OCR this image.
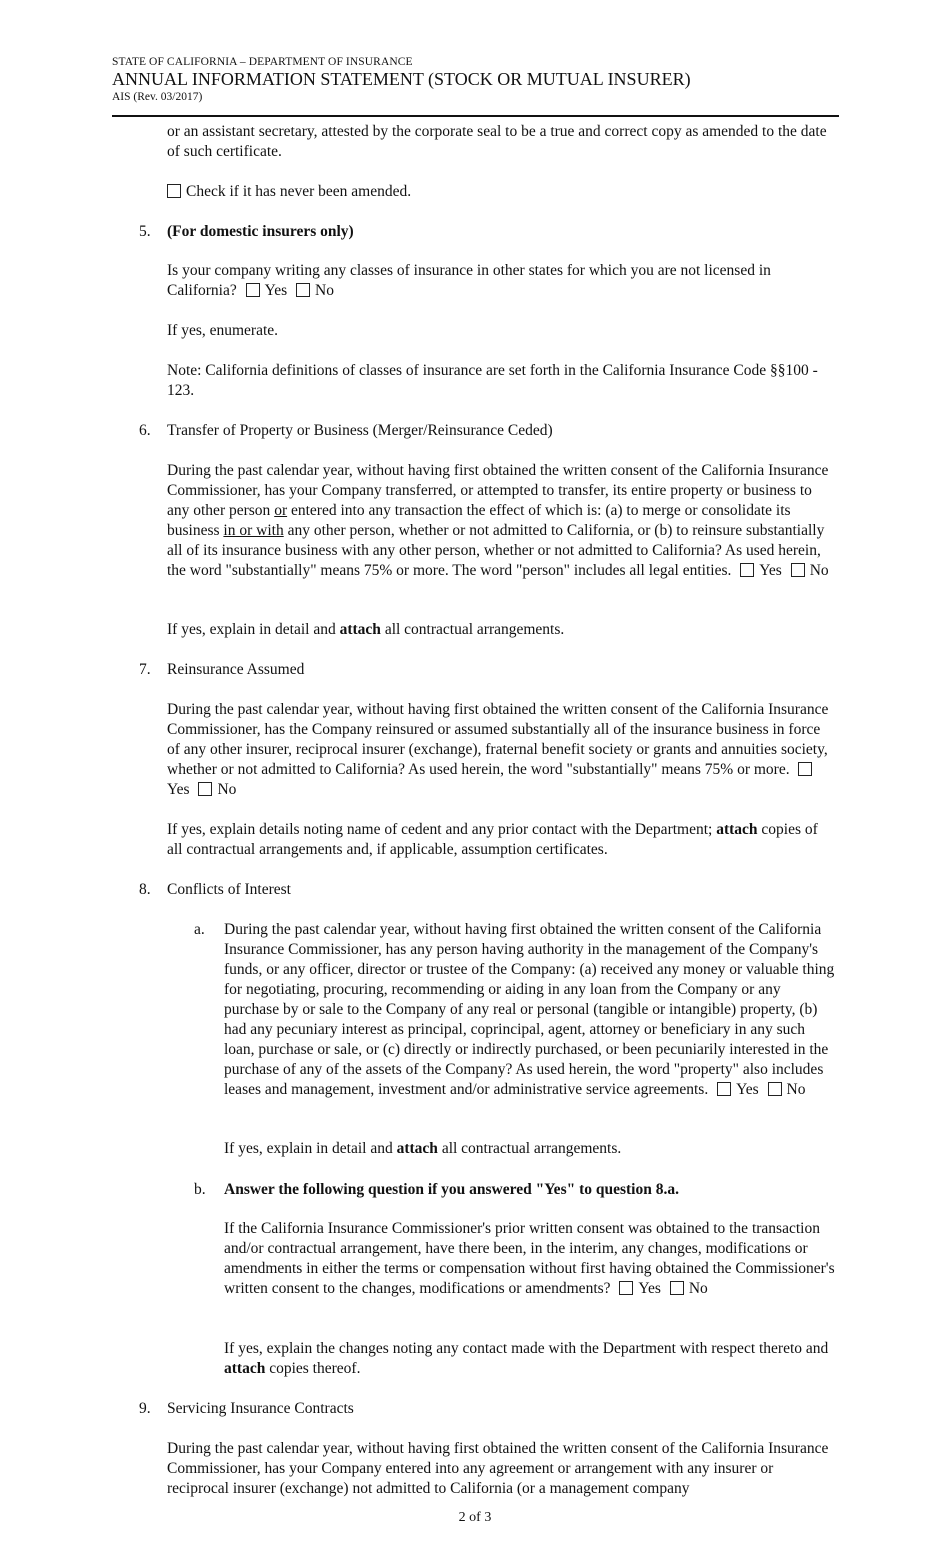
STATE OF CALIFORNIA – DEPARTMENT OF INSURANCE
ANNUAL INFORMATION STATEMENT (STOCK OR MUTUAL INSURER)
AIS (Rev. 03/2017)

or an assistant secretary, attested by the corporate seal to be a true and correct copy as amended to the date of such certificate.

Check if it has never been amended.

5. (For domestic insurers only)

Is your company writing any classes of insurance in other states for which you are not licensed in California? Yes No

If yes, enumerate.

Note: California definitions of classes of insurance are set forth in the California Insurance Code §§100 - 123.

6. Transfer of Property or Business (Merger/Reinsurance Ceded)

During the past calendar year, without having first obtained the written consent of the California Insurance Commissioner, has your Company transferred, or attempted to transfer, its entire property or business to any other person or entered into any transaction the effect of which is: (a) to merge or consolidate its business in or with any other person, whether or not admitted to California, or (b) to reinsure substantially all of its insurance business with any other person, whether or not admitted to California? As used herein, the word "substantially" means 75% or more. The word "person" includes all legal entities. Yes No

If yes, explain in detail and attach all contractual arrangements.

7. Reinsurance Assumed

During the past calendar year, without having first obtained the written consent of the California Insurance Commissioner, has the Company reinsured or assumed substantially all of the insurance business in force of any other insurer, reciprocal insurer (exchange), fraternal benefit society or grants and annuities society, whether or not admitted to California? As used herein, the word "substantially" means 75% or more. Yes No

If yes, explain details noting name of cedent and any prior contact with the Department; attach copies of all contractual arrangements and, if applicable, assumption certificates.

8. Conflicts of Interest

a. During the past calendar year, without having first obtained the written consent of the California Insurance Commissioner, has any person having authority in the management of the Company's funds, or any officer, director or trustee of the Company: (a) received any money or valuable thing for negotiating, procuring, recommending or aiding in any loan from the Company or any purchase by or sale to the Company of any real or personal (tangible or intangible) property, (b) had any pecuniary interest as principal, coprincipal, agent, attorney or beneficiary in any such loan, purchase or sale, or (c) directly or indirectly purchased, or been pecuniarily interested in the purchase of any of the assets of the Company? As used herein, the word "property" also includes leases and management, investment and/or administrative service agreements. Yes No

If yes, explain in detail and attach all contractual arrangements.

b. Answer the following question if you answered "Yes" to question 8.a.

If the California Insurance Commissioner's prior written consent was obtained to the transaction and/or contractual arrangement, have there been, in the interim, any changes, modifications or amendments in either the terms or compensation without first having obtained the Commissioner's written consent to the changes, modifications or amendments? Yes No

If yes, explain the changes noting any contact made with the Department with respect thereto and attach copies thereof.

9. Servicing Insurance Contracts

During the past calendar year, without having first obtained the written consent of the California Insurance Commissioner, has your Company entered into any agreement or arrangement with any insurer or reciprocal insurer (exchange) not admitted to California (or a management company

2 of 3
